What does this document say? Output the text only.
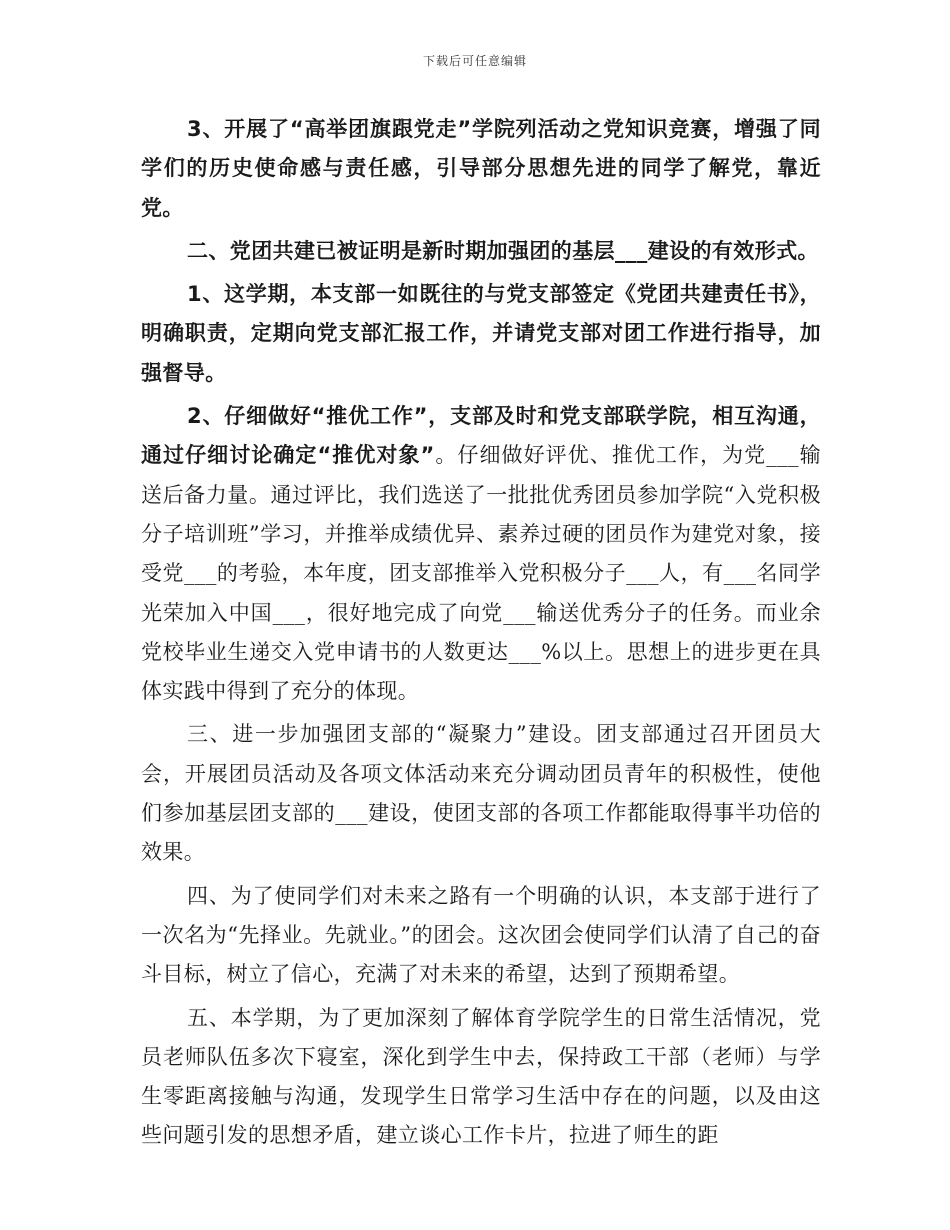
下载后可任意编辑

3、开展了“高举团旗跟党走”学院列活动之党知识竞赛，增强了同学们的历史使命感与责任感，引导部分思想先进的同学了解党，靠近党。

二、党团共建已被证明是新时期加强团的基层___建设的有效形式。

1、这学期，本支部一如既往的与党支部签定《党团共建责任书》，明确职责，定期向党支部汇报工作，并请党支部对团工作进行指导，加强督导。

2、仔细做好“推优工作”，支部及时和党支部联学院，相互沟通，通过仔细讨论确定“推优对象”。仔细做好评优、推优工作，为党___输送后备力量。通过评比，我们选送了一批批优秀团员参加学院“入党积极分子培训班”学习，并推举成绩优异、素养过硬的团员作为建党对象，接受党___的考验，本年度，团支部推举入党积极分子___人，有___名同学光荣加入中国___，很好地完成了向党___输送优秀分子的任务。而业余党校毕业生递交入党申请书的人数更达___%以上。思想上的进步更在具体实践中得到了充分的体现。

三、进一步加强团支部的“凝聚力”建设。团支部通过召开团员大会，开展团员活动及各项文体活动来充分调动团员青年的积极性，使他们参加基层团支部的___建设，使团支部的各项工作都能取得事半功倍的效果。

四、为了使同学们对未来之路有一个明确的认识，本支部于进行了一次名为“先择业。先就业。”的团会。这次团会使同学们认清了自己的奋斗目标，树立了信心，充满了对未来的希望，达到了预期希望。

五、本学期，为了更加深刻了解体育学院学生的日常生活情况，党员老师队伍多次下寝室，深化到学生中去，保持政工干部（老师）与学生零距离接触与沟通，发现学生日常学习生活中存在的问题，以及由这些问题引发的思想矛盾，建立谈心工作卡片，拉进了师生的距
